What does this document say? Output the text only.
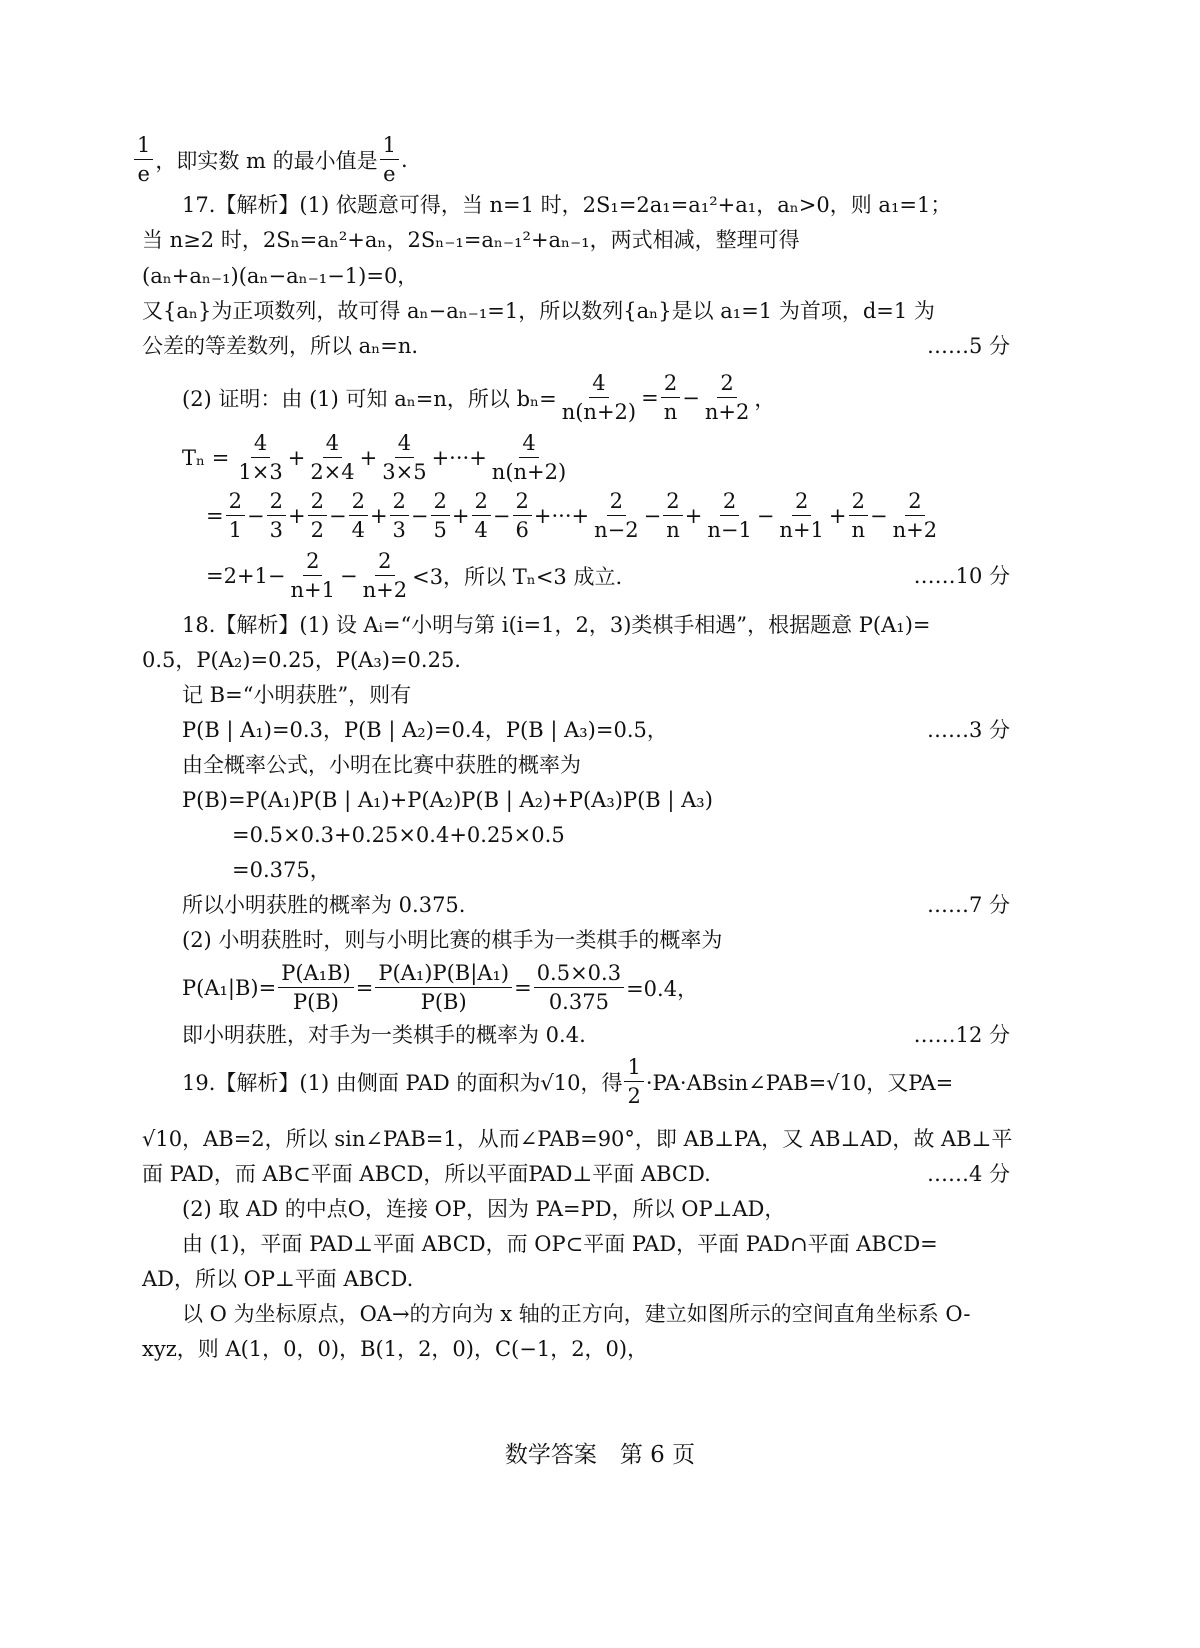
$\frac{1}{e}$ ，即实数 m 的最小值是 $\frac{1}{e}$ .
17.【解析】(1) 依题意可得，当 n=1 时，2S₁=2a₁=a₁²+a₁，aₙ>0，则 a₁=1；
当 n≥2 时，2Sₙ=aₙ²+aₙ，2Sₙ₋₁=aₙ₋₁²+aₙ₋₁，两式相减，整理可得
(aₙ+aₙ₋₁)(aₙ−aₙ₋₁−1)=0，
又{aₙ}为正项数列，故可得 aₙ−aₙ₋₁=1，所以数列{aₙ}是以 a₁=1 为首项，d=1 为
公差的等差数列，所以 aₙ=n.	……5 分
(2) 证明：由 (1) 可知 aₙ=n，所以 $b_n= \frac{4}{n(n+2)} = \frac{2}{n} - \frac{2}{n+2}$ ，
$T_n = \frac{4}{1\times 3} + \frac{4}{2\times 4} + \frac{4}{3\times 5}$ +···+ $\frac{4}{n(n+2)}$
= $\frac{2}{1} - \frac{2}{3} + \frac{2}{2} - \frac{2}{4} + \frac{2}{3} - \frac{2}{5} + \frac{2}{4} - \frac{2}{6}$ +···+ $\frac{2}{n-2} - \frac{2}{n} + \frac{2}{n-1} - \frac{2}{n+1} + \frac{2}{n} - \frac{2}{n+2}$
$=2+1- \frac{2}{n+1} - \frac{2}{n+2} <3$，所以 Tₙ<3 成立.	……10 分
18.【解析】(1) 设 Aᵢ=“小明与第 i(i=1，2，3)类棋手相遇”，根据题意 P(A₁)=
0.5，P(A₂)=0.25，P(A₃)=0.25.
记 B=“小明获胜”，则有
P(B | A₁)=0.3，P(B | A₂)=0.4，P(B | A₃)=0.5，	……3 分
由全概率公式，小明在比赛中获胜的概率为
P(B)=P(A₁)P(B | A₁)+P(A₂)P(B | A₂)+P(A₃)P(B | A₃)
=0.5×0.3+0.25×0.4+0.25×0.5
=0.375，
所以小明获胜的概率为 0.375.	……7 分
(2) 小明获胜时，则与小明比赛的棋手为一类棋手的概率为
$P(A_1|B)= \frac{\text{P(A₁B)}}{P(B)} = \frac{\text{P(A₁)P(B|A₁)}}{P(B)} = \frac{0.5\times 0.3}{0.375} =0.4$，
即小明获胜，对手为一类棋手的概率为 0.4.	……12 分
19.【解析】(1) 由侧面 PAD 的面积为√10，得 $\frac{1}{2}$ ·PA·ABsin∠PAB=√10，又PA=
√10，AB=2，所以 sin∠PAB=1，从而∠PAB=90°，即 AB⊥PA，又 AB⊥AD，故 AB⊥平
面 PAD，而 AB⊂平面 ABCD，所以平面PAD⊥平面 ABCD.	……4 分
(2) 取 AD 的中点O，连接 OP，因为 PA=PD，所以 OP⊥AD，
由 (1)，平面 PAD⊥平面 ABCD，而 OP⊂平面 PAD，平面 PAD∩平面 ABCD=
AD，所以 OP⊥平面 ABCD.
以 O 为坐标原点，OA→的方向为 x 轴的正方向，建立如图所示的空间直角坐标系 O-
xyz，则 A(1，0，0)，B(1，2，0)，C(−1，2，0)，
数学答案　第 6 页
